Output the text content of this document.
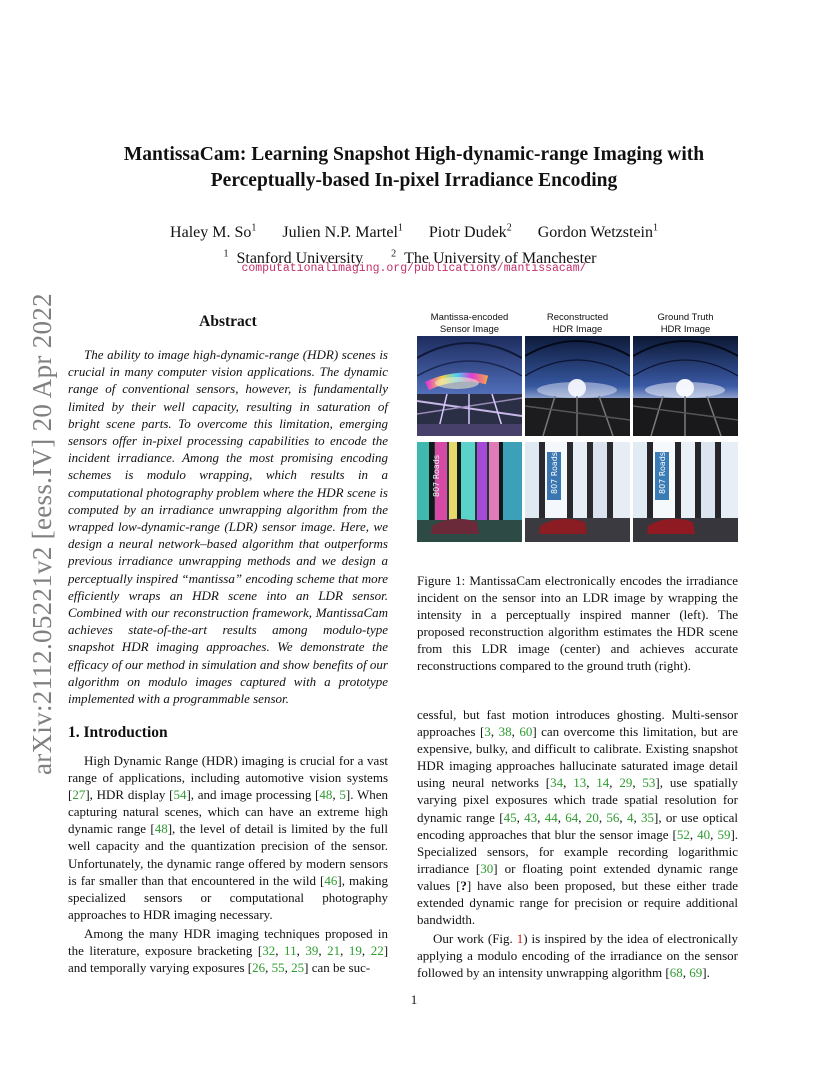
arXiv:2112.05221v2 [eess.IV] 20 Apr 2022
MantissaCam: Learning Snapshot High-dynamic-range Imaging with
Perceptually-based In-pixel Irradiance Encoding
Haley M. So$^1$ Julien N.P. Martel$^1$ Piotr Dudek$^2$ Gordon Wetzstein$^1$
$^1$ Stanford University	$^2$ The University of Manchester
computationalimaging.org/publications/mantissacam/
Abstract
The ability to image high-dynamic-range (HDR) scenes is crucial in many computer vision applications. The dynamic range of conventional sensors, however, is fundamentally limited by their well capacity, resulting in saturation of bright scene parts. To overcome this limitation, emerging sensors offer in-pixel processing capabilities to encode the incident irradiance. Among the most promising encoding schemes is modulo wrapping, which results in a computational photography problem where the HDR scene is computed by an irradiance unwrapping algorithm from the wrapped low-dynamic-range (LDR) sensor image. Here, we design a neural network–based algorithm that outperforms previous irradiance unwrapping methods and we design a perceptually inspired “mantissa” encoding scheme that more efficiently wraps an HDR scene into an LDR sensor. Combined with our reconstruction framework, MantissaCam achieves state-of-the-art results among modulo-type snapshot HDR imaging approaches. We demonstrate the efficacy of our method in simulation and show benefits of our algorithm on modulo images captured with a prototype implemented with a programmable sensor.
Mantissa-encoded
Sensor Image
Reconstructed
HDR Image
Ground Truth
HDR Image
807 Roads	807 Roads	807 Roads
Figure 1: MantissaCam electronically encodes the irradiance incident on the sensor into an LDR image by wrapping the intensity in a perceptually inspired manner (left). The proposed reconstruction algorithm estimates the HDR scene from this LDR image (center) and achieves accurate reconstructions compared to the ground truth (right).
1. Introduction

High Dynamic Range (HDR) imaging is crucial for a vast range of applications, including automotive vision systems [27], HDR display [54], and image processing [48, 5]. When capturing natural scenes, which can have an extreme high dynamic range [48], the level of detail is limited by the full well capacity and the quantization precision of the sensor. Unfortunately, the dynamic range offered by modern sensors is far smaller than that encountered in the wild [46], making specialized sensors or computational photography approaches to HDR imaging necessary.

Among the many HDR imaging techniques proposed in the literature, exposure bracketing [32, 11, 39, 21, 19, 22] and temporally varying exposures [26, 55, 25] can be suc-

cessful, but fast motion introduces ghosting. Multi-sensor approaches [3, 38, 60] can overcome this limitation, but are expensive, bulky, and difficult to calibrate. Existing snapshot HDR imaging approaches hallucinate saturated image detail using neural networks [34, 13, 14, 29, 53], use spatially varying pixel exposures which trade spatial resolution for dynamic range [45, 43, 44, 64, 20, 56, 4, 35], or use optical encoding approaches that blur the sensor image [52, 40, 59]. Specialized sensors, for example recording logarithmic irradiance [30] or floating point extended dynamic range values [?] have also been proposed, but these either trade extended dynamic range for precision or require additional bandwidth.

Our work (Fig. 1) is inspired by the idea of electronically applying a modulo encoding of the irradiance on the sensor followed by an intensity unwrapping algorithm [68, 69].

1
